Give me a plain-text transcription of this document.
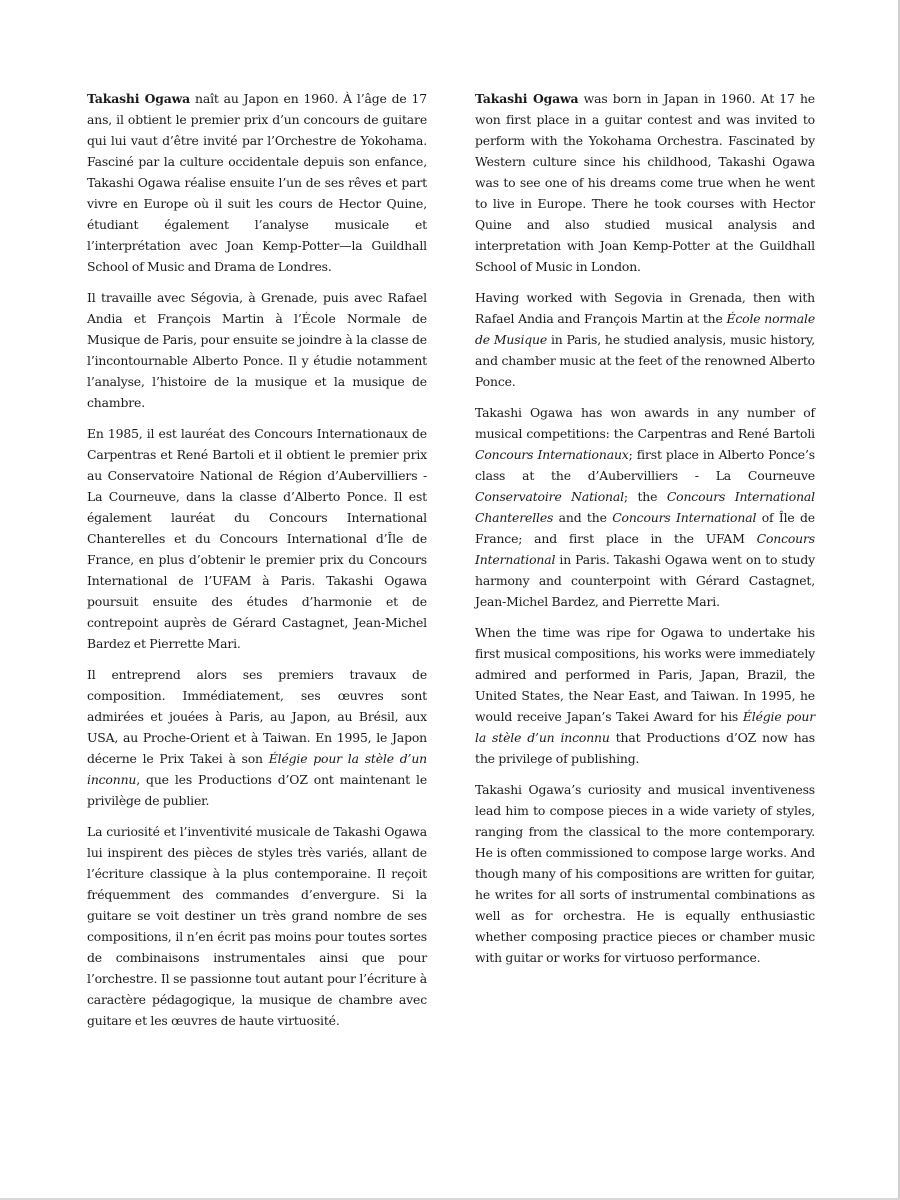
Takashi Ogawa naît au Japon en 1960. À l’âge de 17 ans, il obtient le premier prix d’un concours de guitare qui lui vaut d’être invité par l’Orchestre de Yokohama. Fasciné par la culture occidentale depuis son enfance, Takashi Ogawa réalise ensuite l’un de ses rêves et part vivre en Europe où il suit les cours de Hector Quine, étudiant également l’analyse musicale et l’interprétation avec Joan Kemp-Potter—la Guildhall School of Music and Drama de Londres.

Il travaille avec Ségovia, à Grenade, puis avec Rafael Andia et François Martin à l’École Normale de Musique de Paris, pour ensuite se joindre à la classe de l’incontournable Alberto Ponce. Il y étudie notamment l’analyse, l’histoire de la musique et la musique de chambre.

En 1985, il est lauréat des Concours Internationaux de Carpentras et René Bartoli et il obtient le premier prix au Conservatoire National de Région d’Aubervilliers - La Courneuve, dans la classe d’Alberto Ponce. Il est également lauréat du Concours International Chanterelles et du Concours International d’Île de France, en plus d’obtenir le premier prix du Concours International de l’UFAM à Paris. Takashi Ogawa poursuit ensuite des études d’harmonie et de contrepoint auprès de Gérard Castagnet, Jean-Michel Bardez et Pierrette Mari.

Il entreprend alors ses premiers travaux de composition. Immédiatement, ses œuvres sont admirées et jouées à Paris, au Japon, au Brésil, aux USA, au Proche-Orient et à Taiwan. En 1995, le Japon décerne le Prix Takei à son Élégie pour la stèle d’un inconnu, que les Productions d’OZ ont maintenant le privilège de publier.

La curiosité et l’inventivité musicale de Takashi Ogawa lui inspirent des pièces de styles très variés, allant de l’écriture classique à la plus contemporaine. Il reçoit fréquemment des commandes d’envergure. Si la guitare se voit destiner un très grand nombre de ses compositions, il n’en écrit pas moins pour toutes sortes de combinaisons instrumentales ainsi que pour l’orchestre. Il se passionne tout autant pour l’écriture à caractère pédagogique, la musique de chambre avec guitare et les œuvres de haute virtuosité.

Takashi Ogawa was born in Japan in 1960. At 17 he won first place in a guitar contest and was invited to perform with the Yokohama Orchestra. Fascinated by Western culture since his childhood, Takashi Ogawa was to see one of his dreams come true when he went to live in Europe. There he took courses with Hector Quine and also studied musical analysis and interpretation with Joan Kemp-Potter at the Guildhall School of Music in London.

Having worked with Segovia in Grenada, then with Rafael Andia and François Martin at the École normale de Musique in Paris, he studied analysis, music history, and chamber music at the feet of the renowned Alberto Ponce.

Takashi Ogawa has won awards in any number of musical competitions: the Carpentras and René Bartoli Concours Internationaux; first place in Alberto Ponce’s class at the d’Aubervilliers - La Courneuve Conservatoire National; the Concours International Chanterelles and the Concours International of Île de France; and first place in the UFAM Concours International in Paris. Takashi Ogawa went on to study harmony and counterpoint with Gérard Castagnet, Jean-Michel Bardez, and Pierrette Mari.

When the time was ripe for Ogawa to undertake his first musical compositions, his works were immediately admired and performed in Paris, Japan, Brazil, the United States, the Near East, and Taiwan. In 1995, he would receive Japan’s Takei Award for his Élégie pour la stèle d’un inconnu that Productions d’OZ now has the privilege of publishing.

Takashi Ogawa’s curiosity and musical inventiveness lead him to compose pieces in a wide variety of styles, ranging from the classical to the more contemporary. He is often commissioned to compose large works. And though many of his compositions are written for guitar, he writes for all sorts of instrumental combinations as well as for orchestra. He is equally enthusiastic whether composing practice pieces or chamber music with guitar or works for virtuoso performance.
